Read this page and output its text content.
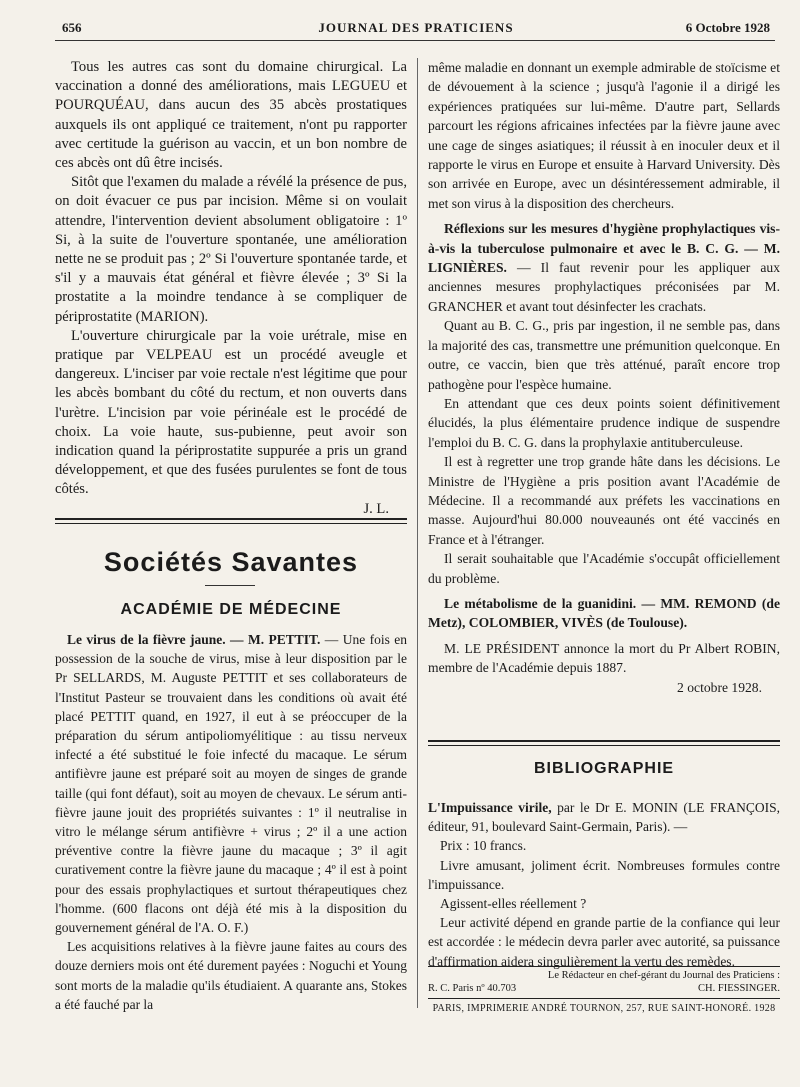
656	JOURNAL DES PRATICIENS	6 Octobre 1928

Tous les autres cas sont du domaine chirurgical. La vaccination a donné des améliorations, mais LEGUEU et POURQUÉAU, dans aucun des 35 abcès prostatiques auxquels ils ont appliqué ce traitement, n'ont pu rapporter avec certitude la guérison au vaccin, et un bon nombre de ces abcès ont dû être incisés.

Sitôt que l'examen du malade a révélé la présence de pus, on doit évacuer ce pus par incision. Même si on voulait attendre, l'intervention devient absolument obligatoire : 1º Si, à la suite de l'ouverture spontanée, une amélioration nette ne se produit pas ; 2º Si l'ouverture spontanée tarde, et s'il y a mauvais état général et fièvre élevée ; 3º Si la prostatite a la moindre tendance à se compliquer de périprostatite (MARION).

L'ouverture chirurgicale par la voie urétrale, mise en pratique par VELPEAU est un procédé aveugle et dangereux. L'inciser par voie rectale n'est légitime que pour les abcès bombant du côté du rectum, et non ouverts dans l'urètre. L'incision par voie périnéale est le procédé de choix. La voie haute, sus-pubienne, peut avoir son indication quand la périprostatite suppurée a pris un grand développement, et que des fusées purulentes se font de tous côtés.

J. L.
Sociétés Savantes
ACADÉMIE DE MÉDECINE

Le virus de la fièvre jaune. — M. PETTIT. — Une fois en possession de la souche de virus, mise à leur disposition par le Pr SELLARDS, M. Auguste PETTIT et ses collaborateurs de l'Institut Pasteur se trouvaient dans les conditions où avait été placé PETTIT quand, en 1927, il eut à se préoccuper de la préparation du sérum antipoliomyélitique : au tissu nerveux infecté a été substitué le foie infecté du macaque. Le sérum antifièvre jaune est préparé soit au moyen de singes de grande taille (qui font défaut), soit au moyen de chevaux. Le sérum anti-fièvre jaune jouit des propriétés suivantes : 1º il neutralise in vitro le mélange sérum antifièvre + virus ; 2º il a une action préventive contre la fièvre jaune du macaque ; 3º il agit curativement contre la fièvre jaune du macaque ; 4º il est à point pour des essais prophylactiques et surtout thérapeutiques chez l'homme. (600 flacons ont déjà été mis à la disposition du gouvernement général de l'A. O. F.)

Les acquisitions relatives à la fièvre jaune faites au cours des douze derniers mois ont été durement payées : Noguchi et Young sont morts de la maladie qu'ils étudiaient. A quarante ans, Stokes a été fauché par la

même maladie en donnant un exemple admirable de stoïcisme et de dévouement à la science ; jusqu'à l'agonie il a dirigé les expériences pratiquées sur lui-même. D'autre part, Sellards parcourt les régions africaines infectées par la fièvre jaune avec une cage de singes asiatiques; il réussit à en inoculer deux et il rapporte le virus en Europe et ensuite à Harvard University. Dès son arrivée en Europe, avec un désintéressement admirable, il met son virus à la disposition des chercheurs.

Réflexions sur les mesures d'hygiène prophylactiques vis-à-vis la tuberculose pulmonaire et avec le B. C. G. — M. LIGNIÈRES. — Il faut revenir pour les appliquer aux anciennes mesures prophylactiques préconisées par M. GRANCHER et avant tout désinfecter les crachats.

Quant au B. C. G., pris par ingestion, il ne semble pas, dans la majorité des cas, transmettre une prémunition quelconque. En outre, ce vaccin, bien que très atténué, paraît encore trop pathogène pour l'espèce humaine.

En attendant que ces deux points soient définitivement élucidés, la plus élémentaire prudence indique de suspendre l'emploi du B. C. G. dans la prophylaxie antituberculeuse.

Il est à regretter une trop grande hâte dans les décisions. Le Ministre de l'Hygiène a pris position avant l'Académie de Médecine. Il a recommandé aux préfets les vaccinations en masse. Aujourd'hui 80.000 nouveaunés ont été vaccinés en France et à l'étranger.

Il serait souhaitable que l'Académie s'occupât officiellement du problème.

Le métabolisme de la guanidini. — MM. REMOND (de Metz), COLOMBIER, VIVÈS (de Toulouse).

M. LE PRÉSIDENT annonce la mort du Pr Albert ROBIN, membre de l'Académie depuis 1887.

2 octobre 1928.
BIBLIOGRAPHIE

L'Impuissance virile, par le Dr E. MONIN (LE FRANÇOIS, éditeur, 91, boulevard Saint-Germain, Paris). —

Prix : 10 francs.

Livre amusant, joliment écrit. Nombreuses formules contre l'impuissance.

Agissent-elles réellement ?

Leur activité dépend en grande partie de la confiance qui leur est accordée : le médecin devra parler avec autorité, sa puissance d'affirmation aidera singulièrement la vertu des remèdes.

Le Rédacteur en chef-gérant du Journal des Praticiens :
R. C. Paris nº 40.703	CH. FIESSINGER.
PARIS, IMPRIMERIE ANDRÉ TOURNON, 257, RUE SAINT-HONORÉ. 1928
